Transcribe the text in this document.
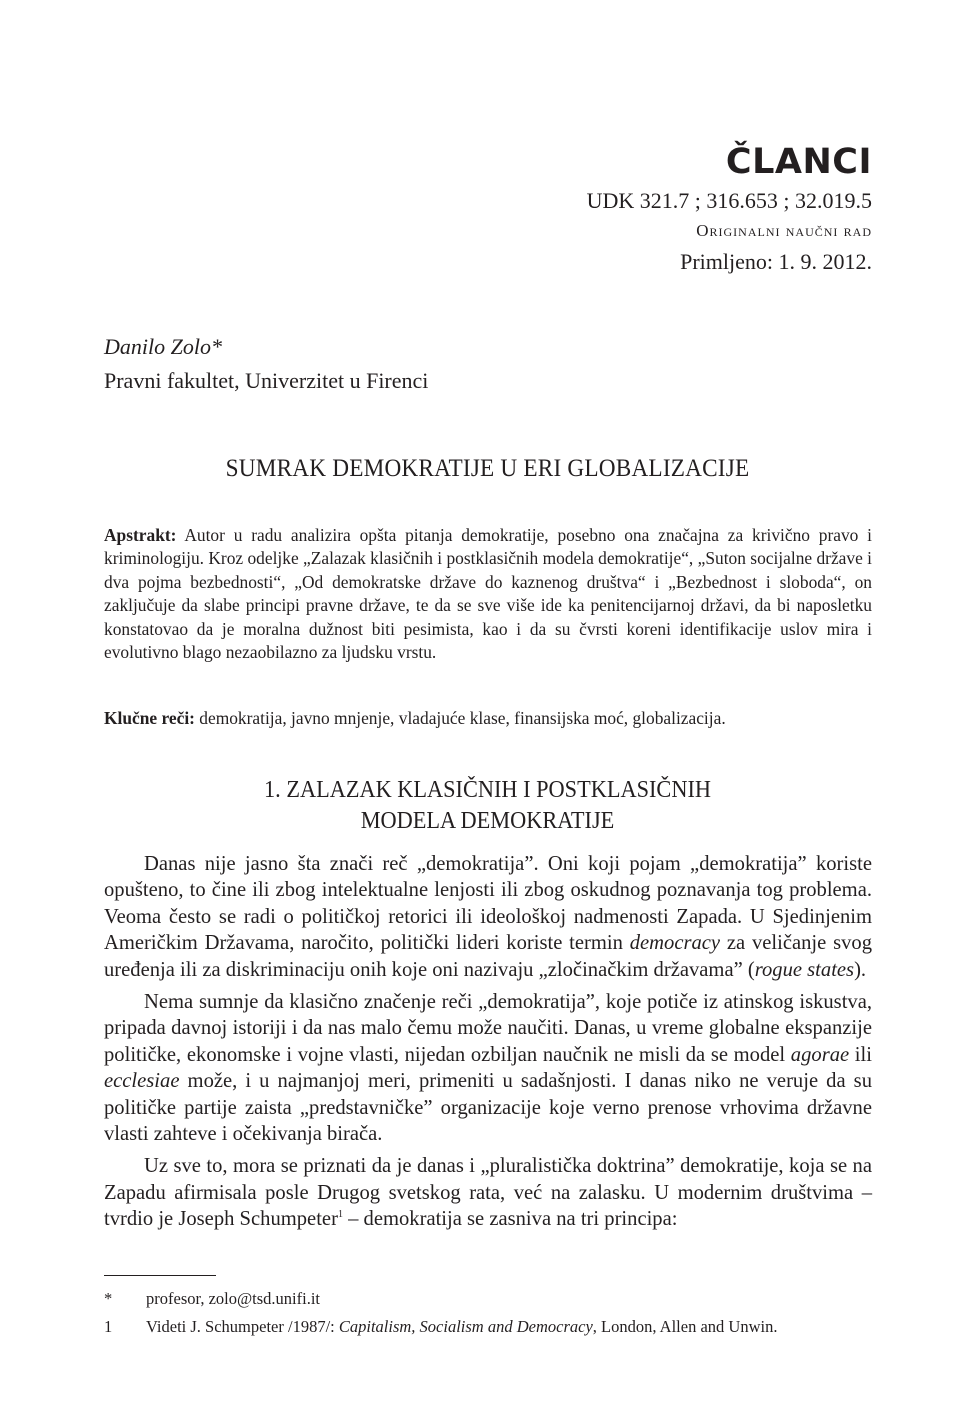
ČLANCI
UDK 321.7 ; 316.653 ; 32.019.5
Originalni naučni rad
Primljeno: 1. 9. 2012.
Danilo Zolo*
Pravni fakultet, Univerzitet u Firenci
SUMRAK DEMOKRATIJE U ERI GLOBALIZACIJE
Apstrakt: Autor u radu analizira opšta pitanja demokratije, posebno ona značajna za krivično pravo i kriminologiju. Kroz odeljke „Zalazak klasičnih i postklasičnih modela demokratije“, „Suton socijalne države i dva pojma bezbednosti“, „Od demokratske države do kaznenog društva“ i „Bezbednost i sloboda“, on zaključuje da slabe principi pravne države, te da se sve više ide ka penitencijarnoj državi, da bi naposletku konstatovao da je moralna dužnost biti pesimista, kao i da su čvrsti koreni identifikacije uslov mira i evolutivno blago nezaobilazno za ljudsku vrstu.
Klučne reči: demokratija, javno mnjenje, vladajuće klase, finansijska moć, globalizacija.
1. ZALAZAK KLASIČNIH I POSTKLASIČNIH
MODELA DEMOKRATIJE

Danas nije jasno šta znači reč „demokratija”. Oni koji pojam „demokratija” koriste opušteno, to čine ili zbog intelektualne lenjosti ili zbog oskudnog poznavanja tog problema. Veoma često se radi o političkoj retorici ili ideološkoj nadmenosti Zapada. U Sjedinjenim Američkim Državama, naročito, politički lideri koriste termin democracy za veličanje svog uređenja ili za diskriminaciju onih koje oni nazivaju „zločinačkim državama” (rogue states).

Nema sumnje da klasično značenje reči „demokratija”, koje potiče iz atinskog iskustva, pripada davnoj istoriji i da nas malo čemu može naučiti. Danas, u vreme globalne ekspanzije političke, ekonomske i vojne vlasti, nijedan ozbiljan naučnik ne misli da se model agorae ili ecclesiae može, i u najmanjoj meri, primeniti u sadašnjosti. I danas niko ne veruje da su političke partije zaista „predstavničke” organizacije koje verno prenose vrhovima državne vlasti zahteve i očekivanja birača.

Uz sve to, mora se priznati da je danas i „pluralistička doktrina” demokratije, koja se na Zapadu afirmisala posle Drugog svetskog rata, već na zalasku. U modernim društvima – tvrdio je Joseph Schumpeter$^1$ – demokratija se zasniva na tri principa:

*	profesor, zolo@tsd.unifi.it
1	Videti J. Schumpeter /1987/: Capitalism, Socialism and Democracy, London, Allen and Unwin.
